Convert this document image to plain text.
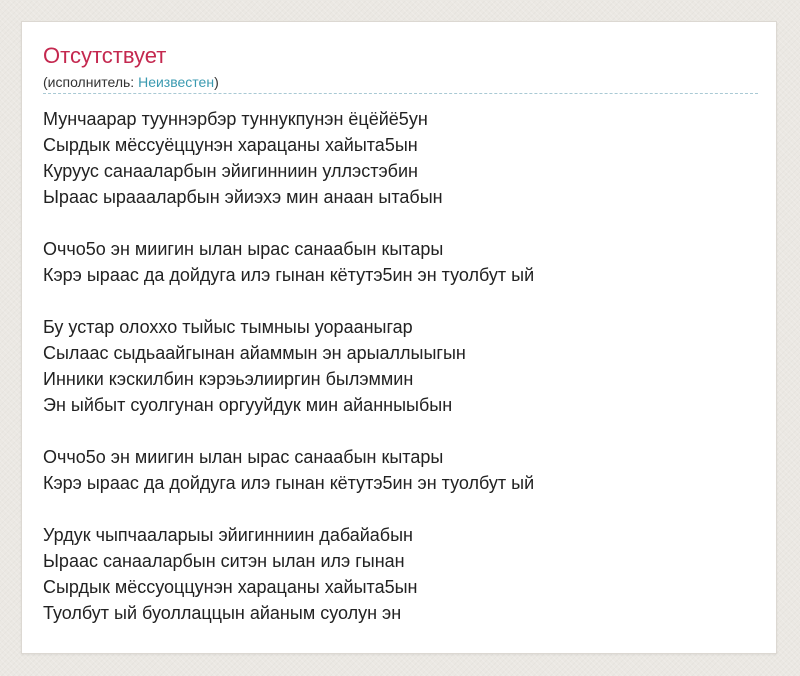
Отсутствует
(исполнитель: Неизвестен)
Мунчаарар тууннэрбэр туннукпунэн ёцёйё5ун
Сырдык мёссуёццунэн харацаны хайыта5ын
Куруус санааларбын эйигинниин уллэстэбин
Ыраас ыраааларбын эйиэхэ мин анаан ытабын
Оччо5о эн миигин ылан ырас санаабын кытары
Кэрэ ыраас да дойдуга илэ гынан кётутэ5ин эн туолбут ый
Бу устар олоххо тыйыс тымныы уорааныгар
Сылаас сыдьаайгынан айаммын эн арыаллыыгын
Инники кэскилбин кэрэьэлииргин былэммин
Эн ыйбыт суолгунан оргууйдук мин айанныыбын
Оччо5о эн миигин ылан ырас санаабын кытары
Кэрэ ыраас да дойдуга илэ гынан кётутэ5ин эн туолбут ый
Урдук чыпчааларыы эйигинниин дабайабын
Ыраас санааларбын ситэн ылан илэ гынан
Сырдык мёссуоццунэн харацаны хайыта5ын
Туолбут ый буоллаццын айаным суолун эн
